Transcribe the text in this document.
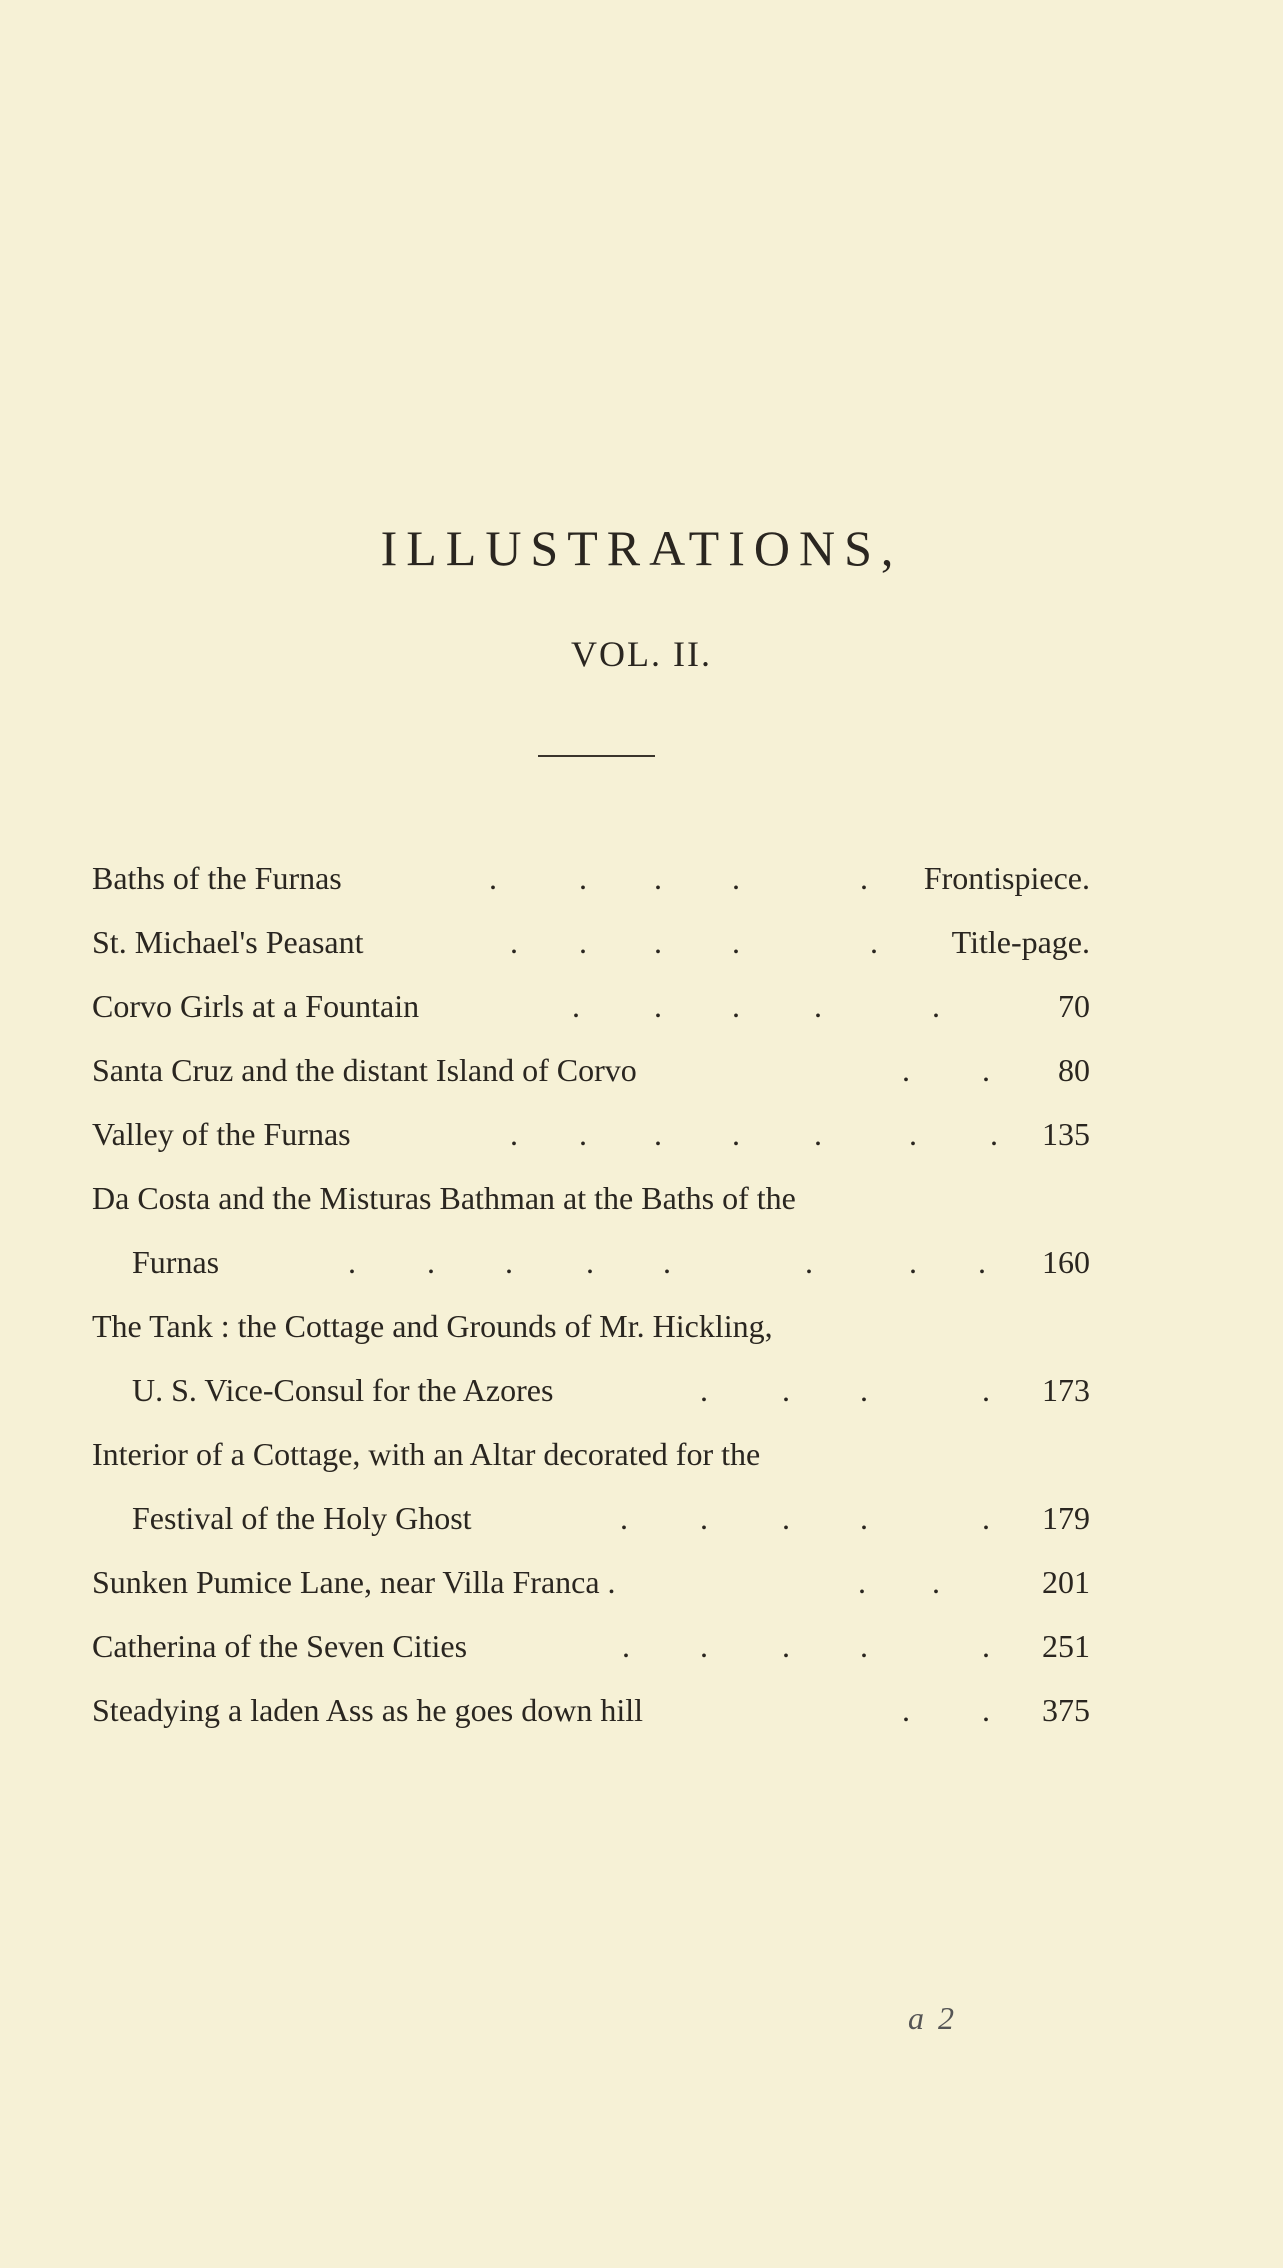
ILLUSTRATIONS,
VOL. II.
Baths of the Furnas	.	. . .	. Frontispiece.
St. Michael's Peasant	. . . .	. Title-page.
Corvo Girls at a Fountain	. . . .	.	70
Santa Cruz and the distant Island of Corvo	. . 80
Valley of the Furnas	. . . . .	. . 135
Da Costa and the Misturas Bathman at the Baths of the
Furnas	. . . . .	.	. . 160
The Tank : the Cottage and Grounds of Mr. Hickling,
U. S. Vice-Consul for the Azores	. . .	. 173
Interior of a Cottage, with an Altar decorated for the
Festival of the Holy Ghost	. . . .	. 179
Sunken Pumice Lane, near Villa Franca .	. .	201
Catherina of the Seven Cities	. . . .	. 251
Steadying a laden Ass as he goes down hill	. . 375
a 2
